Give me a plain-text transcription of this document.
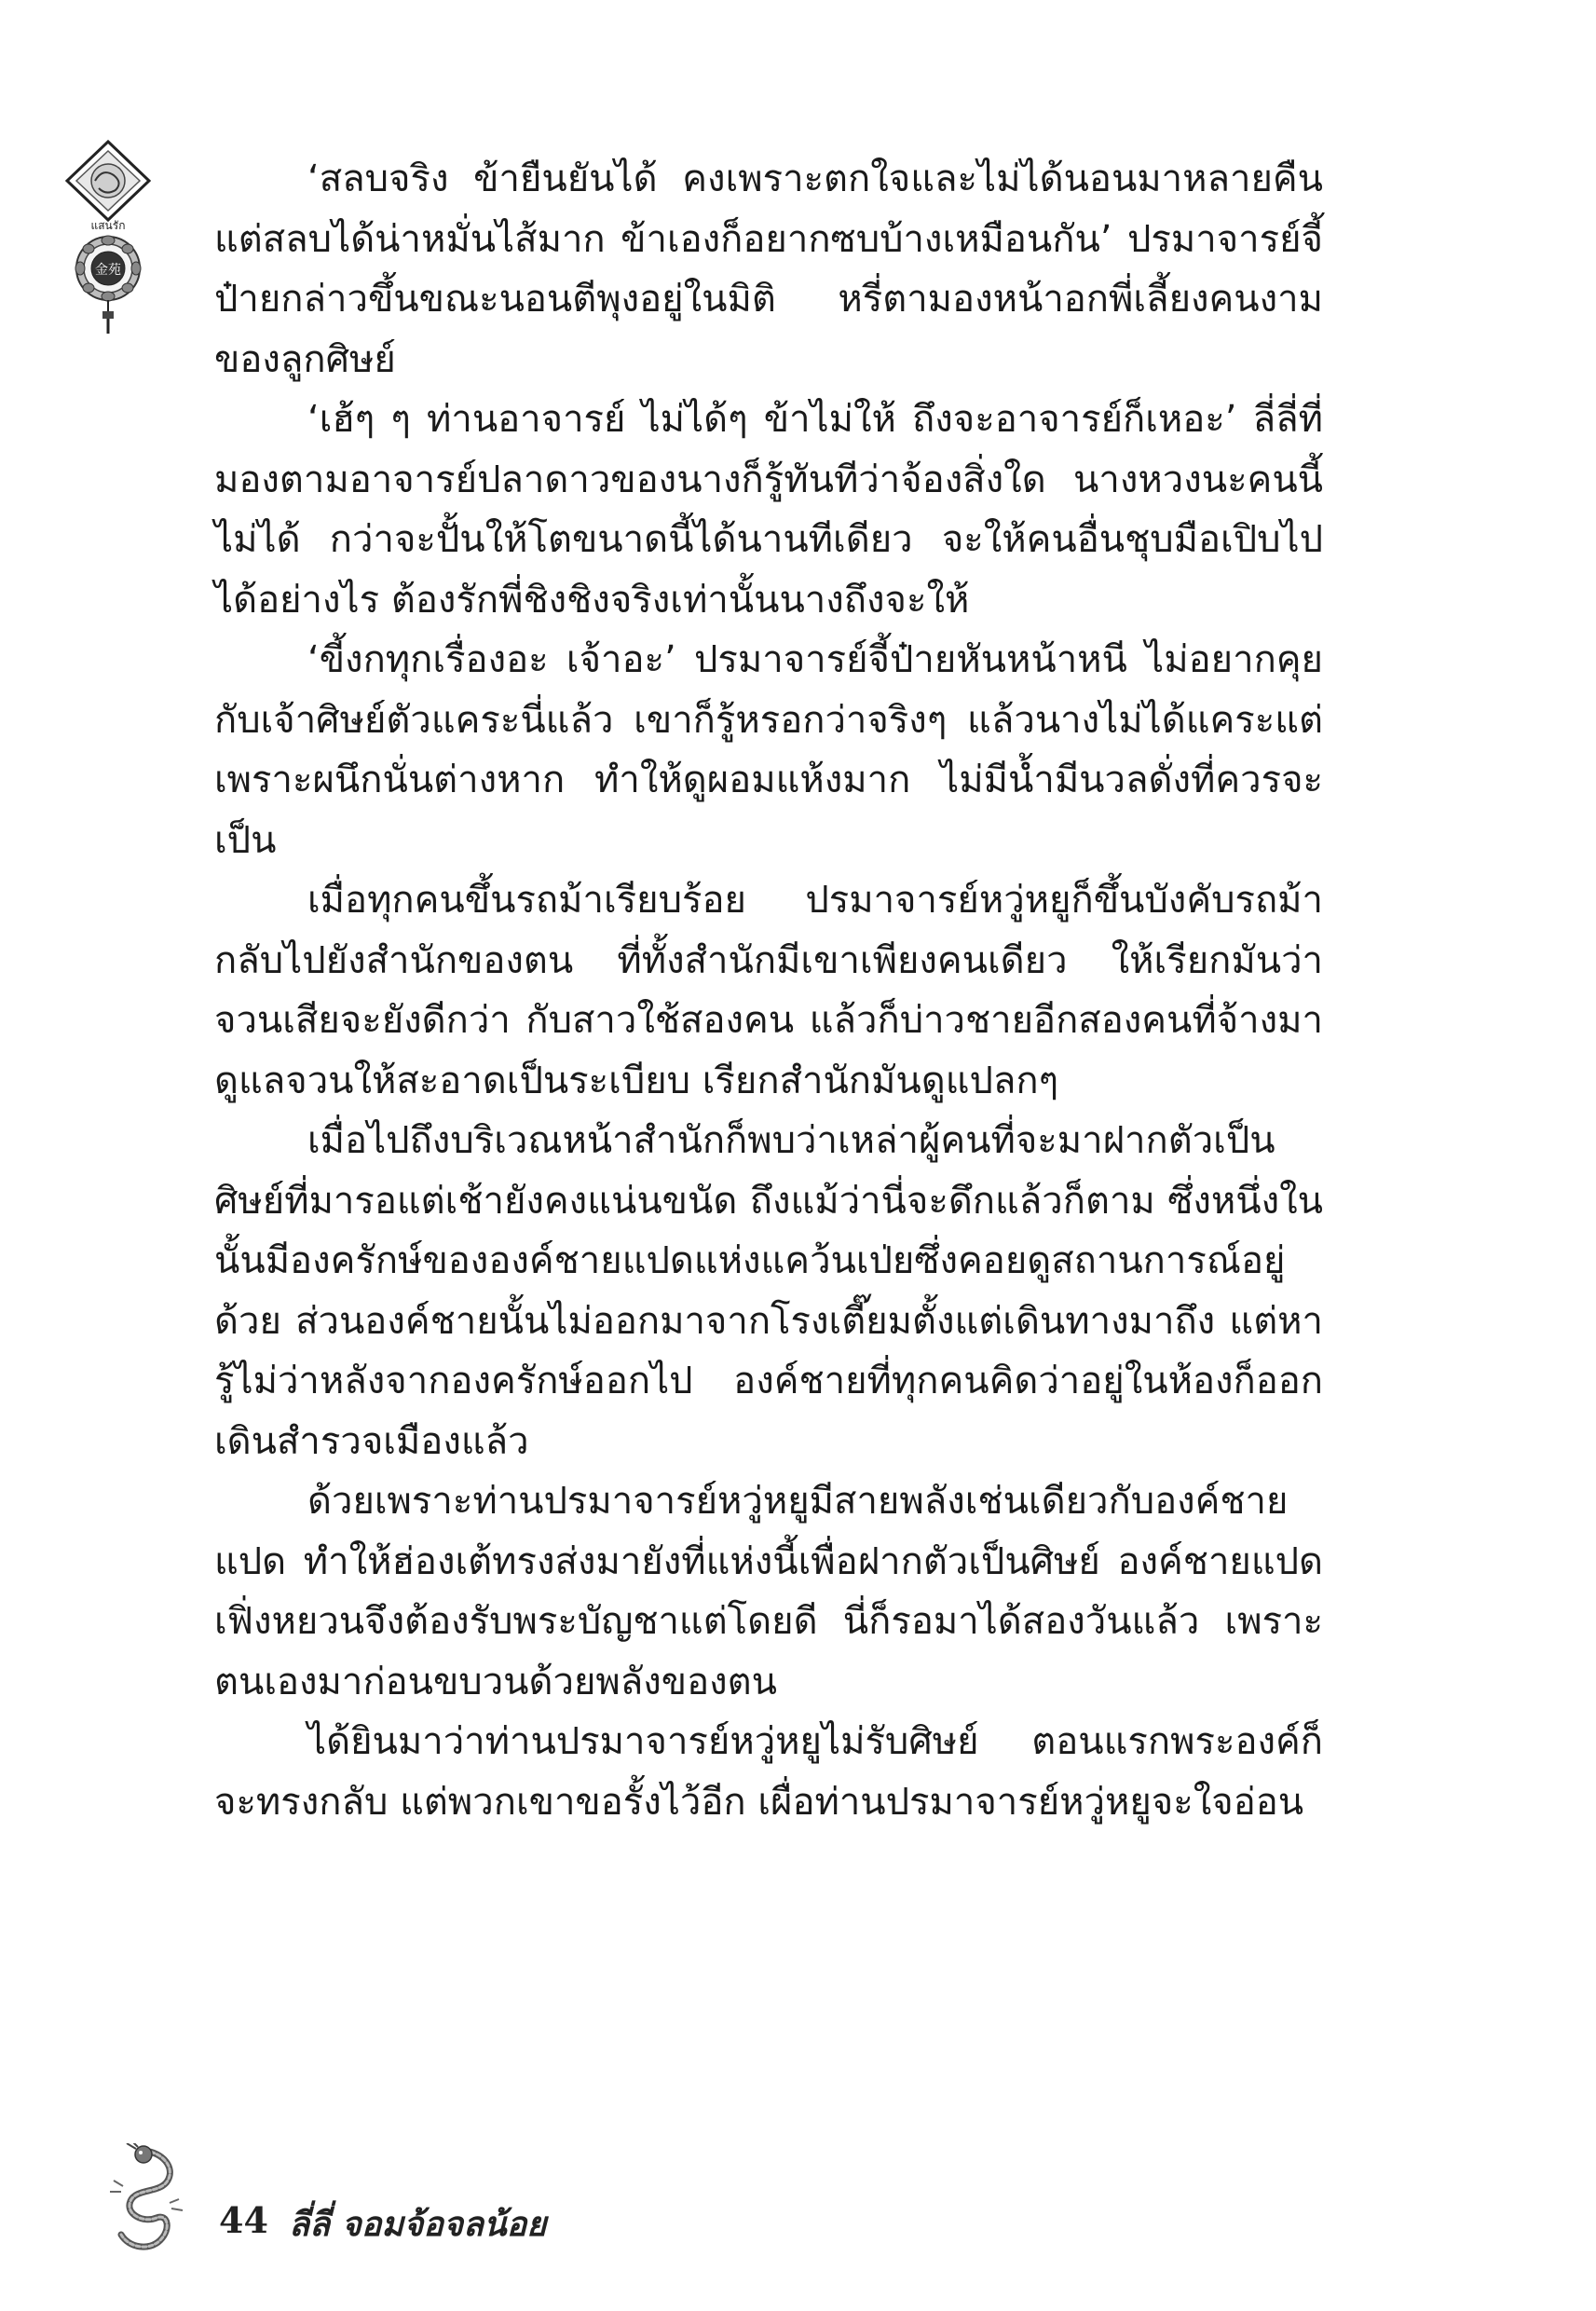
แสนรัก
金苑

‘สลบจริง ข้ายืนยันได้ คงเพราะตกใจและไม่ได้นอนมาหลายคืน แต่สลบได้น่าหมั่นไส้มาก ข้าเองก็อยากซบบ้างเหมือนกัน’ ปรมาจารย์จี้ป๋ายกล่าวขึ้นขณะนอนตีพุงอยู่ในมิติ หรี่ตามองหน้าอกพี่เลี้ยงคนงามของลูกศิษย์

‘เฮ้ๆ ๆ ท่านอาจารย์ ไม่ได้ๆ ข้าไม่ให้ ถึงจะอาจารย์ก็เหอะ’ ลี่ลี่ที่มองตามอาจารย์ปลาดาวของนางก็รู้ทันทีว่าจ้องสิ่งใด นางหวงนะคนนี้ไม่ได้ กว่าจะปั้นให้โตขนาดนี้ได้นานทีเดียว จะให้คนอื่นชุบมือเปิบไปได้อย่างไร ต้องรักพี่ชิงชิงจริงเท่านั้นนางถึงจะให้

‘ขี้งกทุกเรื่องอะ เจ้าอะ’ ปรมาจารย์จี้ป๋ายหันหน้าหนี ไม่อยากคุยกับเจ้าศิษย์ตัวแคระนี่แล้ว เขาก็รู้หรอกว่าจริงๆ แล้วนางไม่ได้แคระแต่เพราะผนึกนั่นต่างหาก ทำให้ดูผอมแห้งมาก ไม่มีน้ำมีนวลดั่งที่ควรจะเป็น

เมื่อทุกคนขึ้นรถม้าเรียบร้อย ปรมาจารย์หวู่หยูก็ขึ้นบังคับรถม้ากลับไปยังสำนักของตน ที่ทั้งสำนักมีเขาเพียงคนเดียว ให้เรียกมันว่าจวนเสียจะยังดีกว่า กับสาวใช้สองคน แล้วก็บ่าวชายอีกสองคนที่จ้างมาดูแลจวนให้สะอาดเป็นระเบียบ เรียกสำนักมันดูแปลกๆ

เมื่อไปถึงบริเวณหน้าสำนักก็พบว่าเหล่าผู้คนที่จะมาฝากตัวเป็นศิษย์ที่มารอแต่เช้ายังคงแน่นขนัด ถึงแม้ว่านี่จะดึกแล้วก็ตาม ซึ่งหนึ่งในนั้นมีองครักษ์ขององค์ชายแปดแห่งแคว้นเป่ยซึ่งคอยดูสถานการณ์อยู่ด้วย ส่วนองค์ชายนั้นไม่ออกมาจากโรงเตี๊ยมตั้งแต่เดินทางมาถึง แต่หารู้ไม่ว่าหลังจากองครักษ์ออกไป องค์ชายที่ทุกคนคิดว่าอยู่ในห้องก็ออกเดินสำรวจเมืองแล้ว

ด้วยเพราะท่านปรมาจารย์หวู่หยูมีสายพลังเช่นเดียวกับองค์ชายแปด ทำให้ฮ่องเต้ทรงส่งมายังที่แห่งนี้เพื่อฝากตัวเป็นศิษย์ องค์ชายแปดเฟิ่งหยวนจึงต้องรับพระบัญชาแต่โดยดี นี่ก็รอมาได้สองวันแล้ว เพราะตนเองมาก่อนขบวนด้วยพลังของตน

ได้ยินมาว่าท่านปรมาจารย์หวู่หยูไม่รับศิษย์ ตอนแรกพระองค์ก็จะทรงกลับ แต่พวกเขาขอรั้งไว้อีก เผื่อท่านปรมาจารย์หวู่หยูจะใจอ่อน

44 ลี่ลี่ จอมจ้อจลน้อย
